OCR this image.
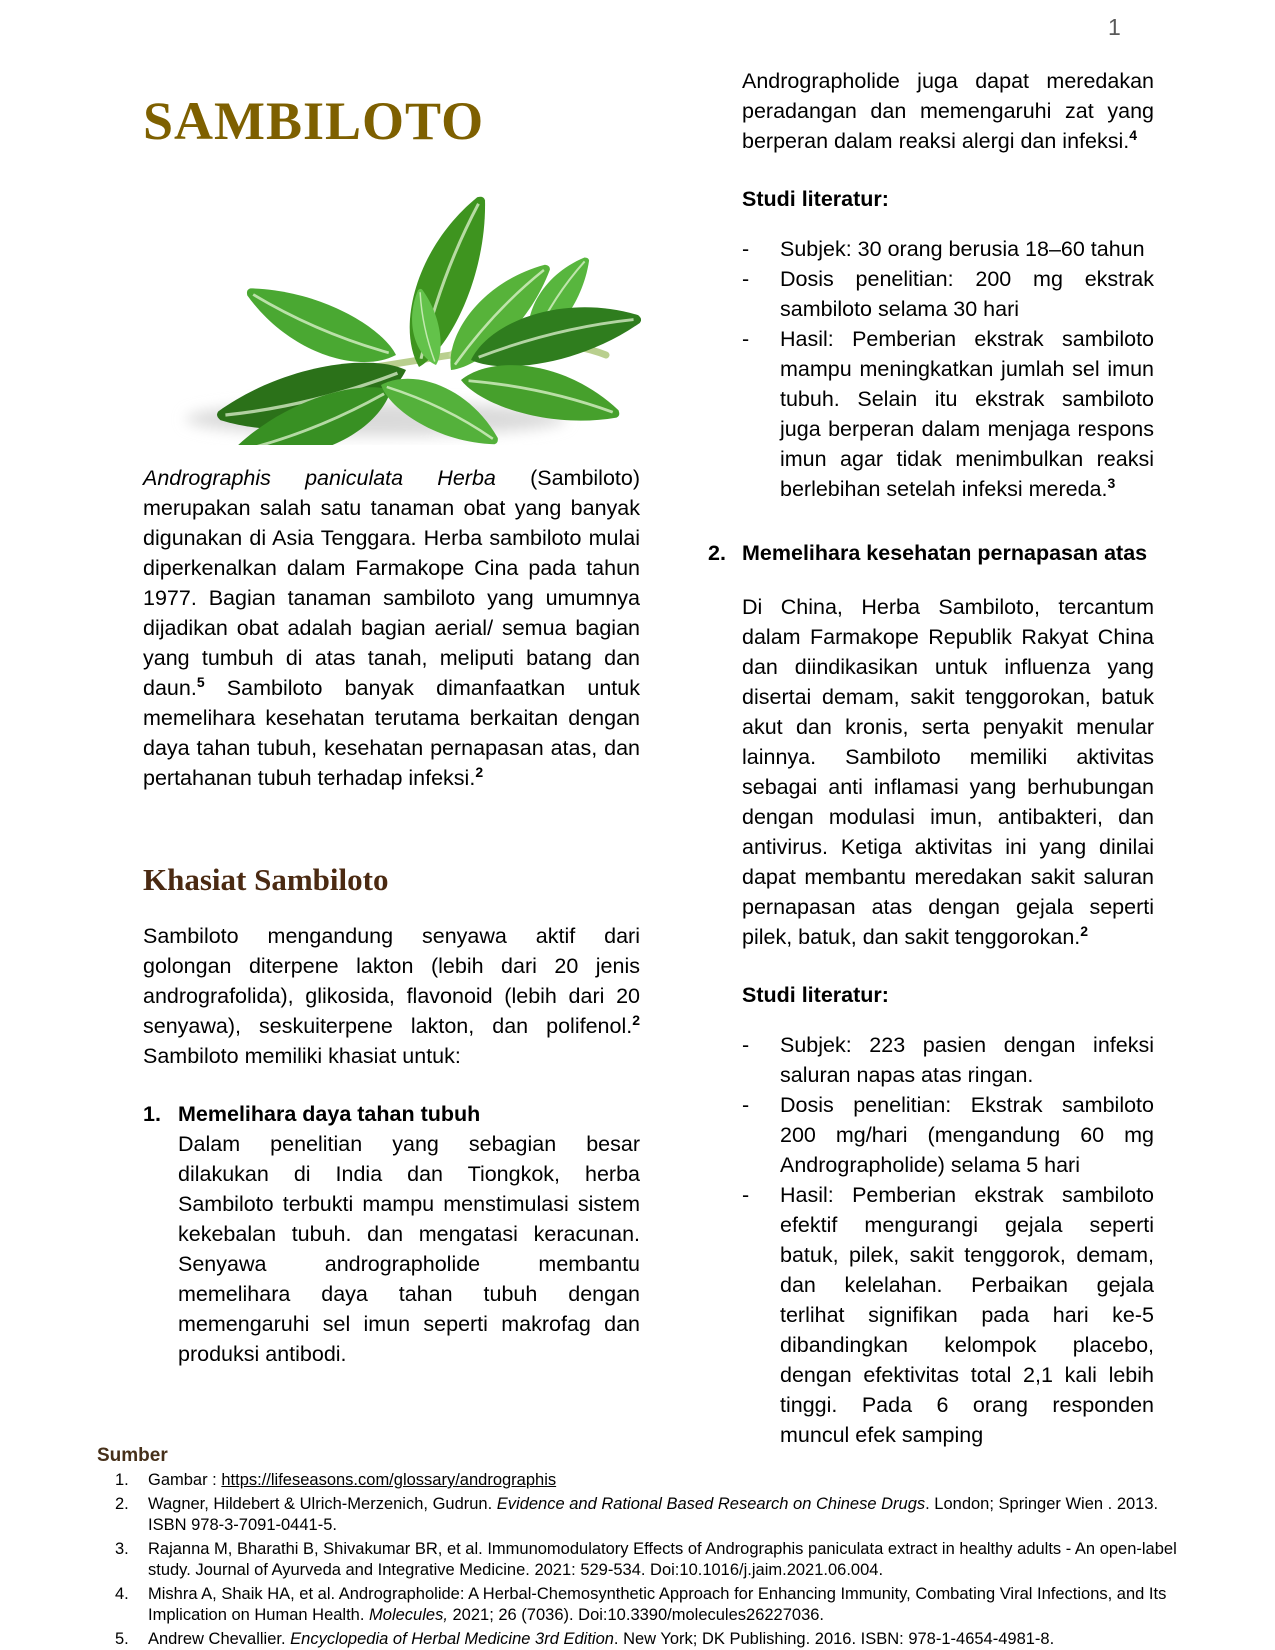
1
SAMBILOTO

Andrographis paniculata Herba (Sambiloto) merupakan salah satu tanaman obat yang banyak digunakan di Asia Tenggara. Herba sambiloto mulai diperkenalkan dalam Farmakope Cina pada tahun 1977. Bagian tanaman sambiloto yang umumnya dijadikan obat adalah bagian aerial/ semua bagian yang tumbuh di atas tanah, meliputi batang dan daun.$^5$ Sambiloto banyak dimanfaatkan untuk memelihara kesehatan terutama berkaitan dengan daya tahan tubuh, kesehatan pernapasan atas, dan pertahanan tubuh terhadap infeksi.$^2$

Khasiat Sambiloto

Sambiloto mengandung senyawa aktif dari golongan diterpene lakton (lebih dari 20 jenis andrografolida), glikosida, flavonoid (lebih dari 20 senyawa), seskuiterpene lakton, dan polifenol.$^2$ Sambiloto memiliki khasiat untuk:

1. Memelihara daya tahan tubuh

Dalam penelitian yang sebagian besar dilakukan di India dan Tiongkok, herba Sambiloto terbukti mampu menstimulasi sistem kekebalan tubuh. dan mengatasi keracunan. Senyawa andrographolide membantu memelihara daya tahan tubuh dengan memengaruhi sel imun seperti makrofag dan produksi antibodi.

Andrographolide juga dapat meredakan peradangan dan memengaruhi zat yang berperan dalam reaksi alergi dan infeksi.$^4$

Studi literatur:
-	Subjek: 30 orang berusia 18–60 tahun

-	Dosis penelitian: 200 mg ekstrak sambiloto selama 30 hari

-	Hasil: Pemberian ekstrak sambiloto mampu meningkatkan jumlah sel imun tubuh. Selain itu ekstrak sambiloto juga berperan dalam menjaga respons imun agar tidak menimbulkan reaksi berlebihan setelah infeksi mereda.$^3$

2. Memelihara kesehatan pernapasan atas

Di China, Herba Sambiloto, tercantum dalam Farmakope Republik Rakyat China dan diindikasikan untuk influenza yang disertai demam, sakit tenggorokan, batuk akut dan kronis, serta penyakit menular lainnya. Sambiloto memiliki aktivitas sebagai anti inflamasi yang berhubungan dengan modulasi imun, antibakteri, dan antivirus. Ketiga aktivitas ini yang dinilai dapat membantu meredakan sakit saluran pernapasan atas dengan gejala seperti pilek, batuk, dan sakit tenggorokan.$^2$

Studi literatur:
-	Subjek: 223 pasien dengan infeksi saluran napas atas ringan.

-	Dosis penelitian: Ekstrak sambiloto 200 mg/hari (mengandung 60 mg Andrographolide) selama 5 hari

-	Hasil: Pemberian ekstrak sambiloto efektif mengurangi gejala seperti batuk, pilek, sakit tenggorok, demam, dan kelelahan. Perbaikan gejala terlihat signifikan pada hari ke-5 dibandingkan kelompok placebo, dengan efektivitas total 2,1 kali lebih tinggi. Pada 6 orang responden muncul efek samping

Sumber
1.	Gambar : https://lifeseasons.com/glossary/andrographis
2.	Wagner, Hildebert & Ulrich-Merzenich, Gudrun. Evidence and Rational Based Research on Chinese Drugs. London; Springer Wien . 2013. ISBN 978-3-7091-0441-5.
3.	Rajanna M, Bharathi B, Shivakumar BR, et al. Immunomodulatory Effects of Andrographis paniculata extract in healthy adults - An open-label study. Journal of Ayurveda and Integrative Medicine. 2021: 529-534. Doi:10.1016/j.jaim.2021.06.004.
4.	Mishra A, Shaik HA, et al. Andrographolide: A Herbal-Chemosynthetic Approach for Enhancing Immunity, Combating Viral Infections, and Its Implication on Human Health. Molecules, 2021; 26 (7036). Doi:10.3390/molecules26227036.
5.	Andrew Chevallier. Encyclopedia of Herbal Medicine 3rd Edition. New York; DK Publishing. 2016. ISBN: 978-1-4654-4981-8.
